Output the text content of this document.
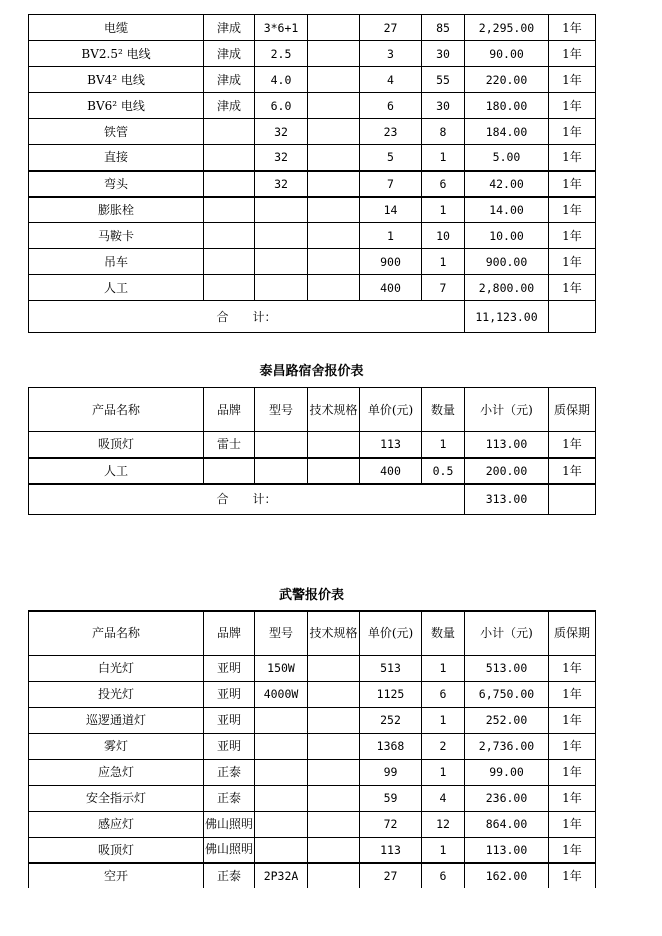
电缆	津成	3*6+1		27	85	2,295.00	1年
BV2.5² 电线	津成	2.5		3	30	90.00	1年
BV4² 电线	津成	4.0		4	55	220.00	1年
BV6² 电线	津成	6.0		6	30	180.00	1年
铁管		32		23	8	184.00	1年
直接		32		5	1	5.00	1年
弯头		32		7	6	42.00	1年
膨胀栓				14	1	14.00	1年
马鞍卡				1	10	10.00	1年
吊车				900	1	900.00	1年
人工				400	7	2,800.00	1年
合　　计：						11,123.00	
泰昌路宿舍报价表
产品名称	品牌	型号	技术规格	单价(元)	数量	小计（元)	质保期
吸顶灯	雷士			113	1	113.00	1年
人工				400	0.5	200.00	1年
合　　计：						313.00	
武警报价表
产品名称	品牌	型号	技术规格	单价(元)	数量	小计（元)	质保期
白光灯	亚明	150W		513	1	513.00	1年
投光灯	亚明	4000W		1125	6	6,750.00	1年
巡逻通道灯	亚明			252	1	252.00	1年
雾灯	亚明			1368	2	2,736.00	1年
应急灯	正泰			99	1	99.00	1年
安全指示灯	正泰			59	4	236.00	1年
感应灯	佛山照明			72	12	864.00	1年
吸顶灯	佛山照明			113	1	113.00	1年
空开	正泰	2P32A		27	6	162.00	1年
